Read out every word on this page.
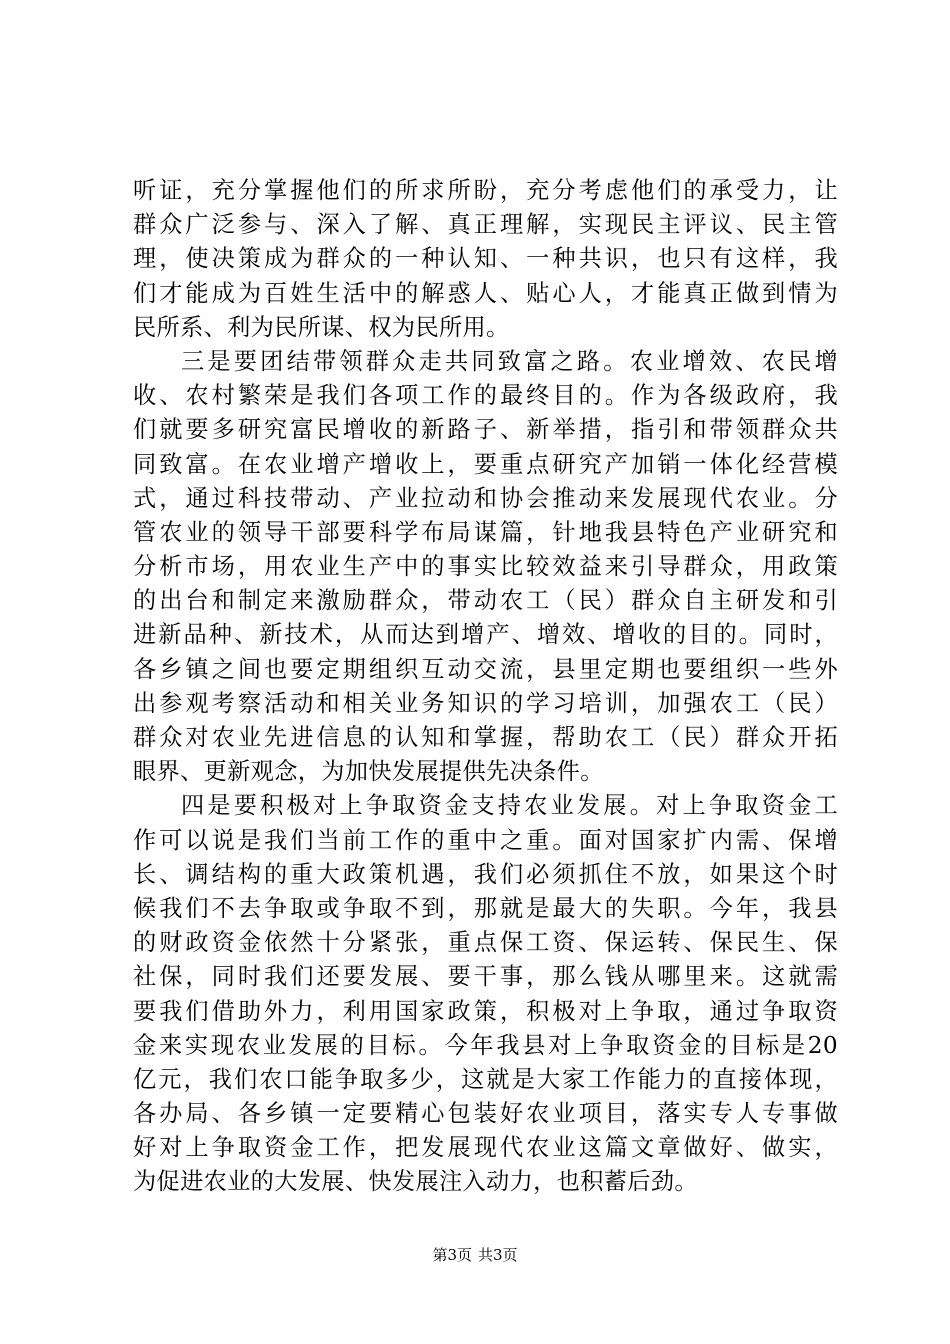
听证，充分掌握他们的所求所盼，充分考虑他们的承受力，让
群众广泛参与、深入了解、真正理解，实现民主评议、民主管
理，使决策成为群众的一种认知、一种共识，也只有这样，我
们才能成为百姓生活中的解惑人、贴心人，才能真正做到情为
民所系、利为民所谋、权为民所用。
三是要团结带领群众走共同致富之路。农业增效、农民增
收、农村繁荣是我们各项工作的最终目的。作为各级政府，我
们就要多研究富民增收的新路子、新举措，指引和带领群众共
同致富。在农业增产增收上，要重点研究产加销一体化经营模
式，通过科技带动、产业拉动和协会推动来发展现代农业。分
管农业的领导干部要科学布局谋篇，针地我县特色产业研究和
分析市场，用农业生产中的事实比较效益来引导群众，用政策
的出台和制定来激励群众，带动农工（民）群众自主研发和引
进新品种、新技术，从而达到增产、增效、增收的目的。同时，
各乡镇之间也要定期组织互动交流，县里定期也要组织一些外
出参观考察活动和相关业务知识的学习培训，加强农工（民）
群众对农业先进信息的认知和掌握，帮助农工（民）群众开拓
眼界、更新观念，为加快发展提供先决条件。
四是要积极对上争取资金支持农业发展。对上争取资金工
作可以说是我们当前工作的重中之重。面对国家扩内需、保增
长、调结构的重大政策机遇，我们必须抓住不放，如果这个时
候我们不去争取或争取不到，那就是最大的失职。今年，我县
的财政资金依然十分紧张，重点保工资、保运转、保民生、保
社保，同时我们还要发展、要干事，那么钱从哪里来。这就需
要我们借助外力，利用国家政策，积极对上争取，通过争取资
金来实现农业发展的目标。今年我县对上争取资金的目标是20
亿元，我们农口能争取多少，这就是大家工作能力的直接体现，
各办局、各乡镇一定要精心包装好农业项目，落实专人专事做
好对上争取资金工作，把发展现代农业这篇文章做好、做实，
为促进农业的大发展、快发展注入动力，也积蓄后劲。
第3页 共3页
